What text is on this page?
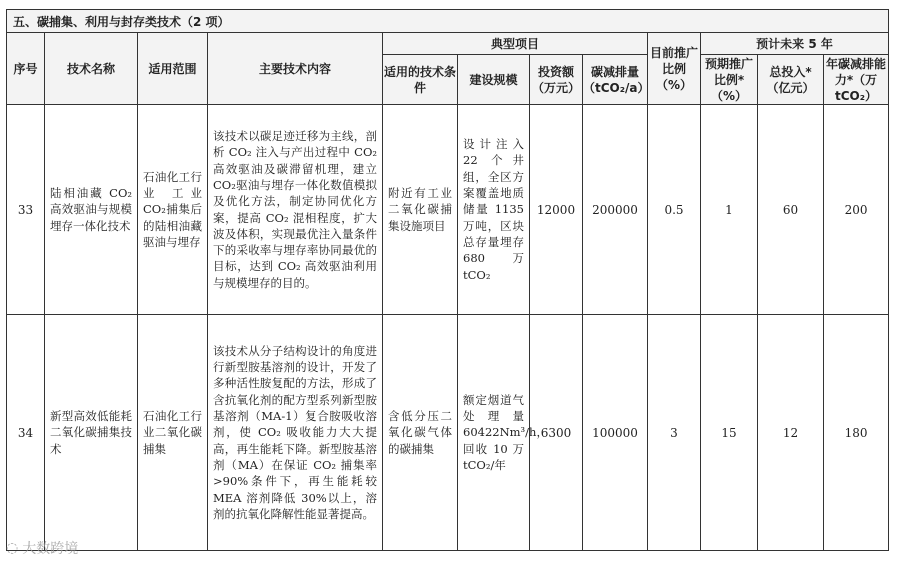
五、碳捕集、利用与封存类技术（2 项）											
序号	技术名称	适用范围	主要技术内容	典型项目				目前推广比例（%）	预计未来 5 年		
				适用的技术条件	建设规模	投资额（万元）	碳减排量（tCO₂/a）		预期推广比例*（%）	总投入*（亿元）	年碳减排能力*（万 tCO₂）
33	陆相油藏 CO₂ 高效驱油与规模埋存一体化技术	石油化工行业 工业CO₂捕集后的陆相油藏驱油与埋存	该技术以碳足迹迁移为主线，剖析 CO₂ 注入与产出过程中 CO₂ 高效驱油及碳滞留机理，建立CO₂驱油与埋存一体化数值模拟及优化方法，制定协同优化方案，提高 CO₂ 混相程度，扩大波及体积，实现最优注入量条件下的采收率与埋存率协同最优的目标，达到 CO₂ 高效驱油利用与规模埋存的目的。	附近有工业二氧化碳捕集设施项目	设计注入 22 个井组，全区方案覆盖地质储量 1135 万吨，区块总存量埋存 680 万 tCO₂	12000	200000	0.5	1	60	200
34	新型高效低能耗二氧化碳捕集技术	石油化工行业二氧化碳捕集	该技术从分子结构设计的角度进行新型胺基溶剂的设计，开发了多种活性胺复配的方法，形成了含抗氧化剂的配方型系列新型胺基溶剂（MA-1）复合胺吸收溶剂，使 CO₂ 吸收能力大大提高，再生能耗下降。新型胺基溶剂（MA）在保证 CO₂ 捕集率>90%条件下，再生能耗较 MEA 溶剂降低 30%以上，溶剂的抗氧化降解性能显著提高。	含低分压二氧化碳气体的碳捕集	额定烟道气处理量 60422Nm³/h，回收 10 万 tCO₂/年	6300	100000	3	15	12	180
◌ 大数跨境
